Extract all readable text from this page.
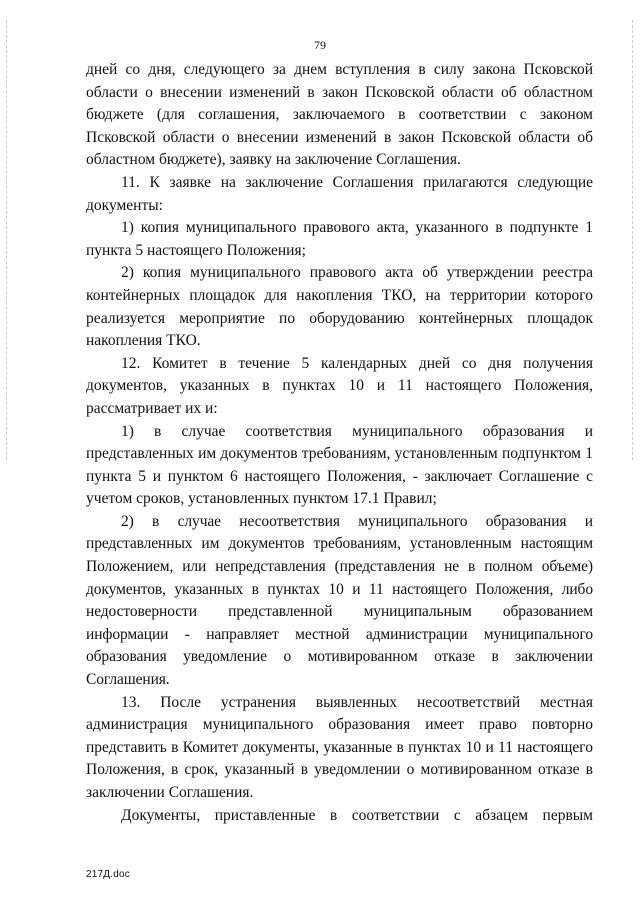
79

дней со дня, следующего за днем вступления в силу закона Псковской области о внесении изменений в закон Псковской области об областном бюджете (для соглашения, заключаемого в соответствии с законом Псковской области о внесении изменений в закон Псковской области об областном бюджете), заявку на заключение Соглашения.

11. К заявке на заключение Соглашения прилагаются следующие документы:

1) копия муниципального правового акта, указанного в подпункте 1 пункта 5 настоящего Положения;

2) копия муниципального правового акта об утверждении реестра контейнерных площадок для накопления ТКО, на территории которого реализуется мероприятие по оборудованию контейнерных площадок накопления ТКО.

12. Комитет в течение 5 календарных дней со дня получения документов, указанных в пунктах 10 и 11 настоящего Положения, рассматривает их и:

1) в случае соответствия муниципального образования и представленных им документов требованиям, установленным подпунктом 1 пункта 5 и пунктом 6 настоящего Положения, - заключает Соглашение с учетом сроков, установленных пунктом 17.1 Правил;

2) в случае несоответствия муниципального образования и представленных им документов требованиям, установленным настоящим Положением, или непредставления (представления не в полном объеме) документов, указанных в пунктах 10 и 11 настоящего Положения, либо недостоверности представленной муниципальным образованием информации - направляет местной администрации муниципального образования уведомление о мотивированном отказе в заключении Соглашения.

13. После устранения выявленных несоответствий местная администрация муниципального образования имеет право повторно представить в Комитет документы, указанные в пунктах 10 и 11 настоящего Положения, в срок, указанный в уведомлении о мотивированном отказе в заключении Соглашения.

Документы, приставленные в соответствии с абзацем первым

217Д.doc
